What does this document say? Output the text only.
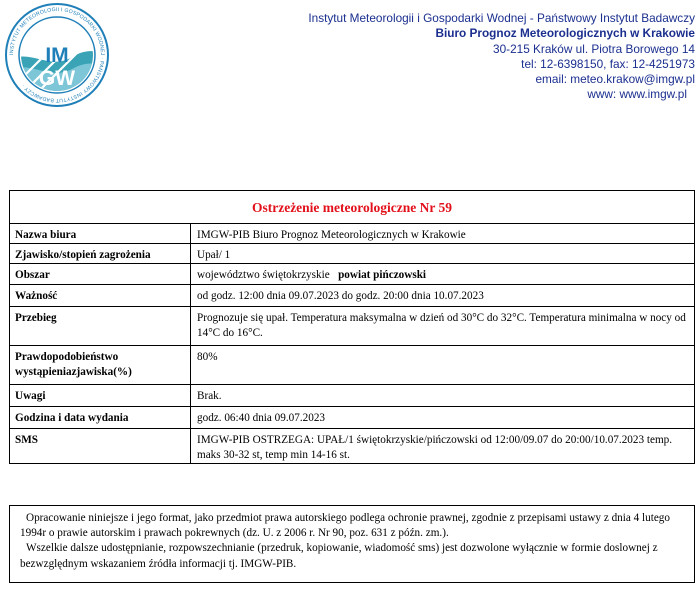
INSTYTUT METEOROLOGII I GOSPODARKI WODNEJ · PAŃSTWOWY INSTYTUT BADAWCZY ·
IM
GW
Instytut Meteorologii i Gospodarki Wodnej - Państwowy Instytut Badawczy
Biuro Prognoz Meteorologicznych w Krakowie
30-215 Kraków ul. Piotra Borowego 14
tel: 12-6398150, fax: 12-4251973
email: meteo.krakow@imgw.pl
www: www.imgw.pl
Ostrzeżenie meteorologiczne Nr 59	
Nazwa biura	IMGW-PIB Biuro Prognoz Meteorologicznych w Krakowie
Zjawisko/stopień zagrożenia	Upał/ 1
Obszar	województwo świętokrzyskie powiat pińczowski
Ważność	od godz. 12:00 dnia 09.07.2023 do godz. 20:00 dnia 10.07.2023
Przebieg	Prognozuje się upał. Temperatura maksymalna w dzień od 30°C do 32°C. Temperatura minimalna w nocy od 14°C do 16°C.
Prawdopodobieństwo wystąpieniazjawiska(%)	80%
Uwagi	Brak.
Godzina i data wydania	godz. 06:40 dnia 09.07.2023
SMS	IMGW-PIB OSTRZEGA: UPAŁ/1 świętokrzyskie/pińczowski od 12:00/09.07 do 20:00/10.07.2023 temp. maks 30-32 st, temp min 14-16 st.

Opracowanie niniejsze i jego format, jako przedmiot prawa autorskiego podlega ochronie prawnej, zgodnie z przepisami ustawy z dnia 4 lutego 1994r o prawie autorskim i prawach pokrewnych (dz. U. z 2006 r. Nr 90, poz. 631 z późn. zm.).

Wszelkie dalsze udostępnianie, rozpowszechnianie (przedruk, kopiowanie, wiadomość sms) jest dozwolone wyłącznie w formie doslownej z bezwzględnym wskazaniem źródła informacji tj. IMGW-PIB.
